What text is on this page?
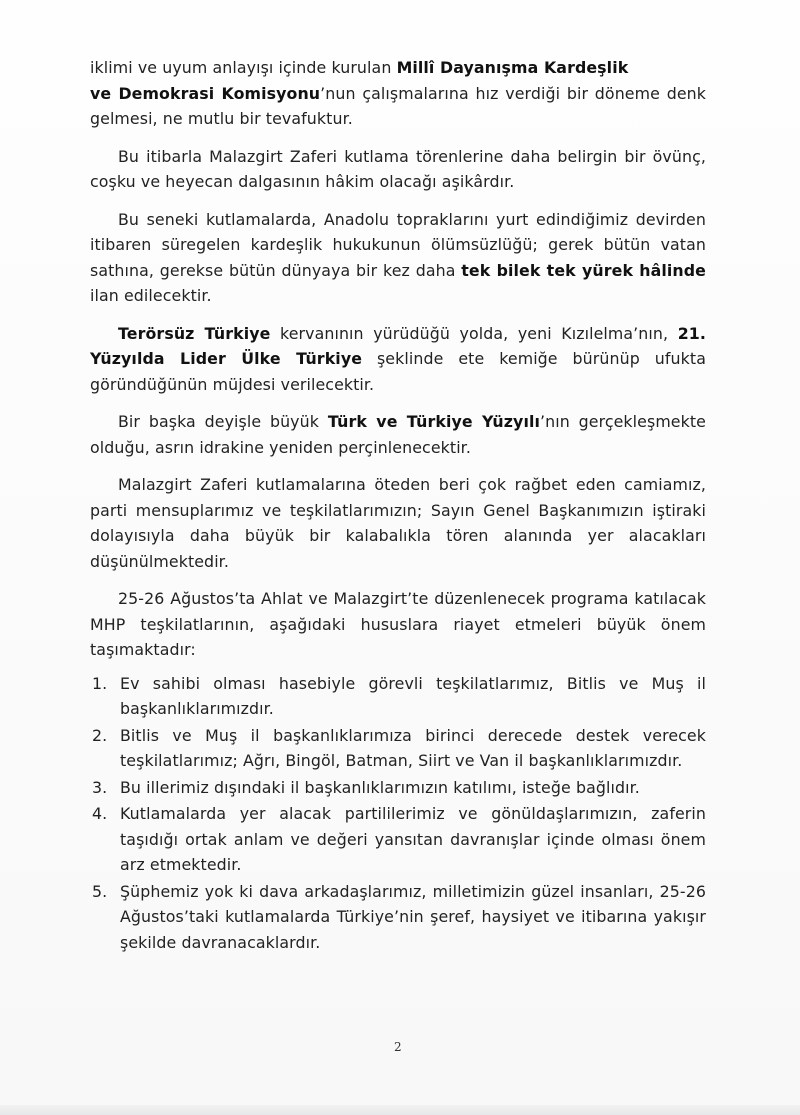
iklimi ve uyum anlayışı içinde kurulan Millî Dayanışma Kardeşlik
ve Demokrasi Komisyonu’nun çalışmalarına hız verdiği bir döneme denk gelmesi, ne mutlu bir tevafuktur.

Bu itibarla Malazgirt Zaferi kutlama törenlerine daha belirgin bir övünç, coşku ve heyecan dalgasının hâkim olacağı aşikârdır.

Bu seneki kutlamalarda, Anadolu topraklarını yurt edindiğimiz devirden itibaren süregelen kardeşlik hukukunun ölümsüzlüğü; gerek bütün vatan sathına, gerekse bütün dünyaya bir kez daha tek bilek tek yürek hâlinde ilan edilecektir.

Terörsüz Türkiye kervanının yürüdüğü yolda, yeni Kızılelma’nın, 21. Yüzyılda Lider Ülke Türkiye şeklinde ete kemiğe bürünüp ufukta göründüğünün müjdesi verilecektir.

Bir başka deyişle büyük Türk ve Türkiye Yüzyılı’nın gerçekleşmekte olduğu, asrın idrakine yeniden perçinlenecektir.

Malazgirt Zaferi kutlamalarına öteden beri çok rağbet eden camiamız, parti mensuplarımız ve teşkilatlarımızın; Sayın Genel Başkanımızın iştiraki dolayısıyla daha büyük bir kalabalıkla tören alanında yer alacakları düşünülmektedir.

25-26 Ağustos’ta Ahlat ve Malazgirt’te düzenlenecek programa katılacak MHP teşkilatlarının, aşağıdaki hususlara riayet etmeleri büyük önem taşımaktadır:

1. Ev sahibi olması hasebiyle görevli teşkilatlarımız, Bitlis ve Muş il başkanlıklarımızdır.
2. Bitlis ve Muş il başkanlıklarımıza birinci derecede destek verecek teşkilatlarımız; Ağrı, Bingöl, Batman, Siirt ve Van il başkanlıklarımızdır.
3. Bu illerimiz dışındaki il başkanlıklarımızın katılımı, isteğe bağlıdır.
4. Kutlamalarda yer alacak partililerimiz ve gönüldaşlarımızın, zaferin taşıdığı ortak anlam ve değeri yansıtan davranışlar içinde olması önem arz etmektedir.
5. Şüphemiz yok ki dava arkadaşlarımız, milletimizin güzel insanları, 25-26 Ağustos’taki kutlamalarda Türkiye’nin şeref, haysiyet ve itibarına yakışır şekilde davranacaklardır.
2
